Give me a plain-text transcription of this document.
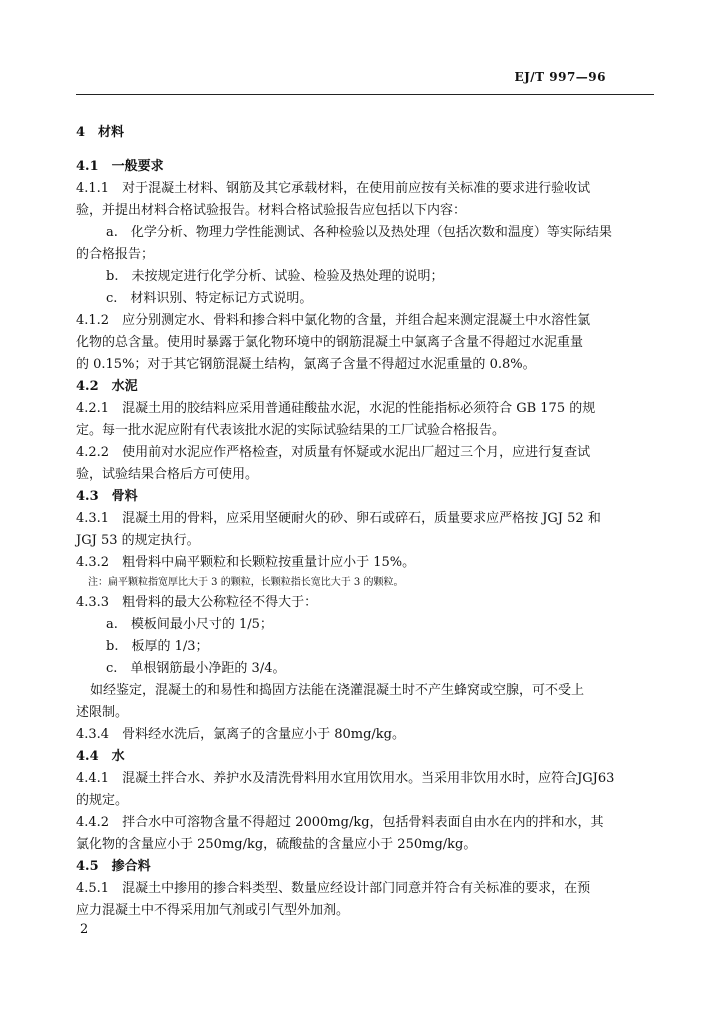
EJ/T 997—96

4　材料

4.1　一般要求

4.1.1　对于混凝土材料、钢筋及其它承载材料，在使用前应按有关标准的要求进行验收试

验，并提出材料合格试验报告。材料合格试验报告应包括以下内容：

a.　化学分析、物理力学性能测试、各种检验以及热处理（包括次数和温度）等实际结果

的合格报告；

b.　未按规定进行化学分析、试验、检验及热处理的说明；

c.　材料识别、特定标记方式说明。

4.1.2　应分别测定水、骨料和掺合料中氯化物的含量，并组合起来测定混凝土中水溶性氯

化物的总含量。使用时暴露于氯化物环境中的钢筋混凝土中氯离子含量不得超过水泥重量

的 0.15%；对于其它钢筋混凝土结构，氯离子含量不得超过水泥重量的 0.8%。

4.2　水泥

4.2.1　混凝土用的胶结料应采用普通硅酸盐水泥，水泥的性能指标必须符合 GB 175 的规

定。每一批水泥应附有代表该批水泥的实际试验结果的工厂试验合格报告。

4.2.2　使用前对水泥应作严格检查，对质量有怀疑或水泥出厂超过三个月，应进行复查试

验，试验结果合格后方可使用。

4.3　骨料

4.3.1　混凝土用的骨料，应采用坚硬耐火的砂、卵石或碎石，质量要求应严格按 JGJ 52 和

JGJ 53 的规定执行。

4.3.2　粗骨料中扁平颗粒和长颗粒按重量计应小于 15%。

注：扁平颗粒指宽厚比大于 3 的颗粒，长颗粒指长宽比大于 3 的颗粒。

4.3.3　粗骨料的最大公称粒径不得大于：

a.　模板间最小尺寸的 1/5；

b.　板厚的 1/3；

c.　单根钢筋最小净距的 3/4。

如经鉴定，混凝土的和易性和捣固方法能在浇灌混凝土时不产生蜂窝或空腺，可不受上

述限制。

4.3.4　骨料经水洗后，氯离子的含量应小于 80mg/kg。

4.4　水

4.4.1　混凝土拌合水、养护水及清洗骨料用水宜用饮用水。当采用非饮用水时，应符合JGJ63

的规定。

4.4.2　拌合水中可溶物含量不得超过 2000mg/kg，包括骨料表面自由水在内的拌和水，其

氯化物的含量应小于 250mg/kg，硫酸盐的含量应小于 250mg/kg。

4.5　掺合料

4.5.1　混凝土中掺用的掺合料类型、数量应经设计部门同意并符合有关标准的要求，在预

应力混凝土中不得采用加气剂或引气型外加剂。

2
